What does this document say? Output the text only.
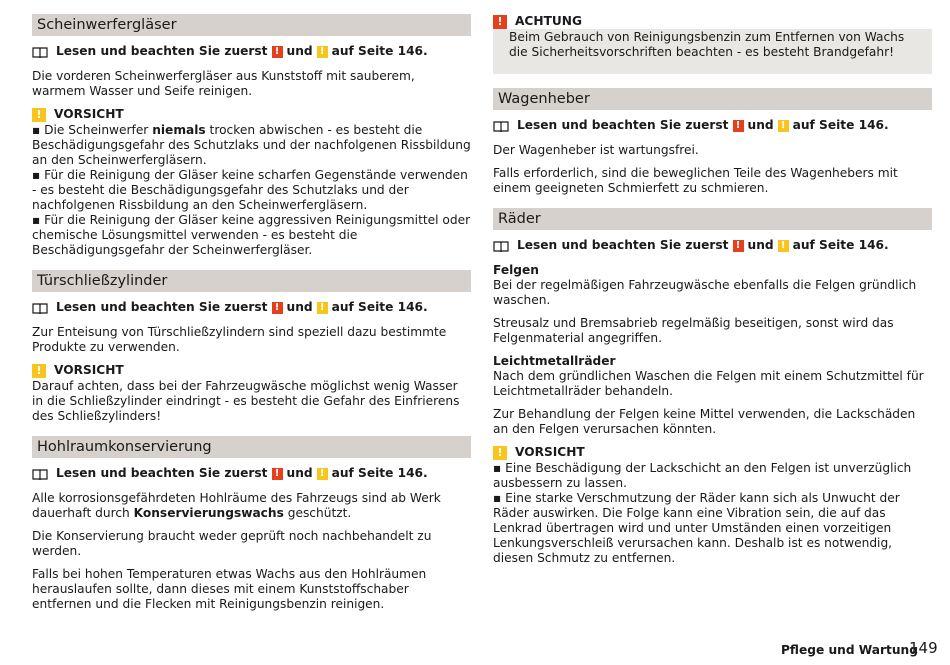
Scheinwerfergläser
Lesen und beachten Sie zuerst ! und ! auf Seite 146.

Die vorderen Scheinwerfergläser aus Kunststoff mit sauberem, warmem Wasser und Seife reinigen.

!	VORSICHT
▪ Die Scheinwerfer niemals trocken abwischen - es besteht die Beschädigungsgefahr des Schutzlaks und der nachfolgenen Rissbildung an den Scheinwerfergläsern.
▪ Für die Reinigung der Gläser keine scharfen Gegenstände verwenden - es besteht die Beschädigungsgefahr des Schutzlaks und der nachfolgenen Rissbildung an den Scheinwerfergläsern.
▪ Für die Reinigung der Gläser keine aggressiven Reinigungsmittel oder chemische Lösungsmittel verwenden - es besteht die Beschädigungsgefahr der Scheinwerfergläser.
Türschließzylinder
Lesen und beachten Sie zuerst ! und ! auf Seite 146.

Zur Enteisung von Türschließzylindern sind speziell dazu bestimmte Produkte zu verwenden.

!	VORSICHT
Darauf achten, dass bei der Fahrzeugwäsche möglichst wenig Wasser in die Schließzylinder eindringt - es besteht die Gefahr des Einfrierens des Schließzylinders!
Hohlraumkonservierung
Lesen und beachten Sie zuerst ! und ! auf Seite 146.

Alle korrosionsgefährdeten Hohlräume des Fahrzeugs sind ab Werk dauerhaft durch Konservierungswachs geschützt.

Die Konservierung braucht weder geprüft noch nachbehandelt zu werden.

Falls bei hohen Temperaturen etwas Wachs aus den Hohlräumen herauslaufen sollte, dann dieses mit einem Kunststoffschaber entfernen und die Flecken mit Reinigungsbenzin reinigen.

!	ACHTUNG
Beim Gebrauch von Reinigungsbenzin zum Entfernen von Wachs die Sicherheitsvorschriften beachten - es besteht Brandgefahr!
Wagenheber
Lesen und beachten Sie zuerst ! und ! auf Seite 146.

Der Wagenheber ist wartungsfrei.

Falls erforderlich, sind die beweglichen Teile des Wagenhebers mit einem geeigneten Schmierfett zu schmieren.

Räder
Lesen und beachten Sie zuerst ! und ! auf Seite 146.
Felgen

Bei der regelmäßigen Fahrzeugwäsche ebenfalls die Felgen gründlich waschen.

Streusalz und Bremsabrieb regelmäßig beseitigen, sonst wird das Felgenmaterial angegriffen.

Leichtmetallräder

Nach dem gründlichen Waschen die Felgen mit einem Schutzmittel für Leichtmetallräder behandeln.

Zur Behandlung der Felgen keine Mittel verwenden, die Lackschäden an den Felgen verursachen könnten.

!	VORSICHT
▪ Eine Beschädigung der Lackschicht an den Felgen ist unverzüglich ausbessern zu lassen.
▪ Eine starke Verschmutzung der Räder kann sich als Unwucht der Räder auswirken. Die Folge kann eine Vibration sein, die auf das Lenkrad übertragen wird und unter Umständen einen vorzeitigen Lenkungsverschleiß verursachen kann. Deshalb ist es notwendig, diesen Schmutz zu entfernen.
Pflege und Wartung
149
